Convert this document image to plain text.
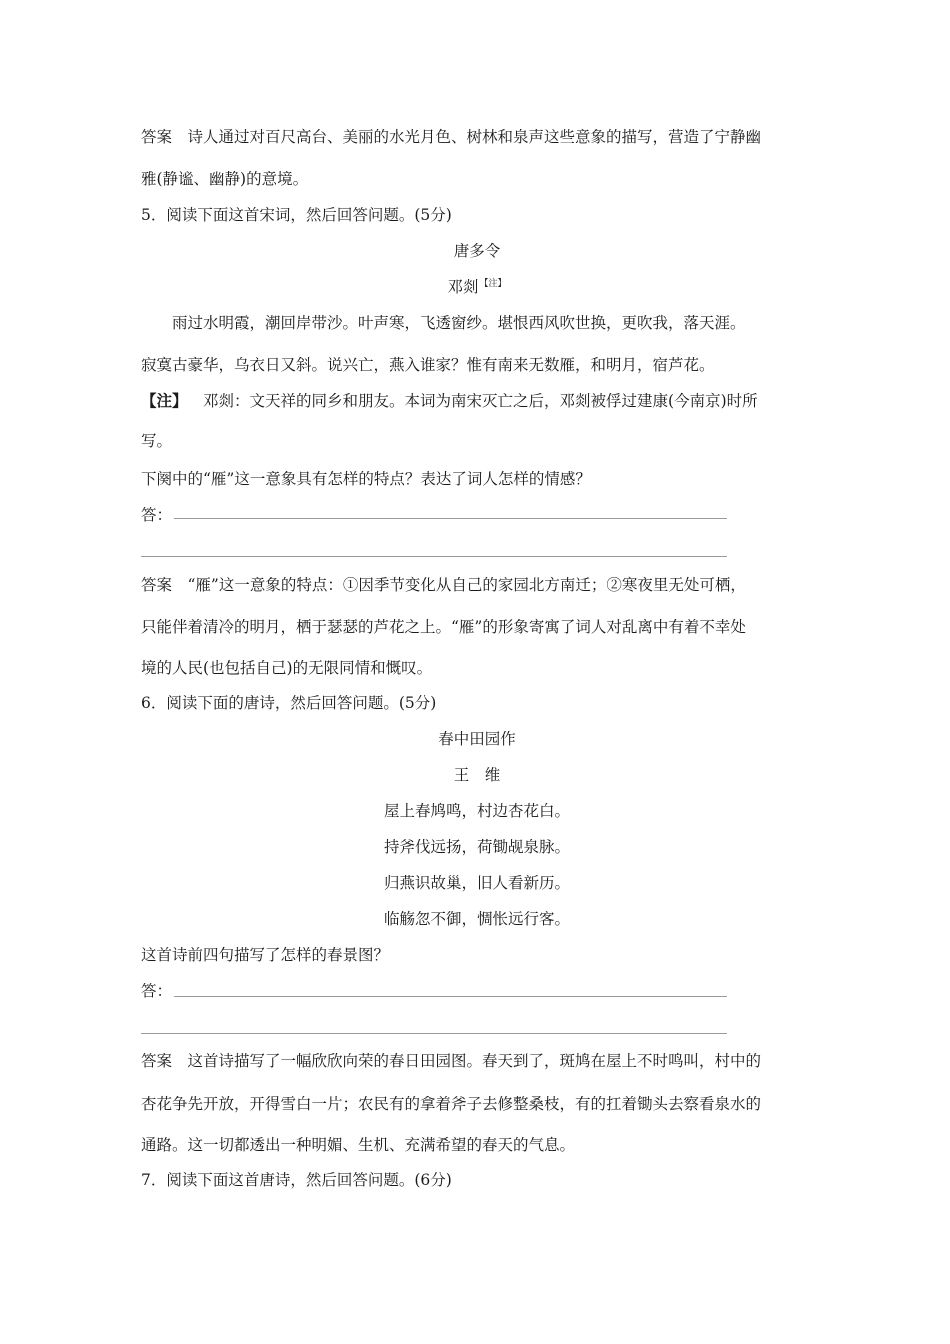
答案　诗人通过对百尺高台、美丽的水光月色、树林和泉声这些意象的描写，营造了宁静幽
雅(静谧、幽静)的意境。
5．阅读下面这首宋词，然后回答问题。(5分)
唐多令
邓剡$^{【注】}$
雨过水明霞，潮回岸带沙。叶声寒，飞透窗纱。堪恨西风吹世换，更吹我，落天涯。
寂寞古豪华，乌衣日又斜。说兴亡，燕入谁家？惟有南来无数雁，和明月，宿芦花。
【注】  邓剡：文天祥的同乡和朋友。本词为南宋灭亡之后，邓剡被俘过建康(今南京)时所
写。
下阕中的“雁”这一意象具有怎样的特点？表达了词人怎样的情感？
答：
答案　“雁”这一意象的特点：①因季节变化从自己的家园北方南迁；②寒夜里无处可栖，
只能伴着清冷的明月，栖于瑟瑟的芦花之上。“雁”的形象寄寓了词人对乱离中有着不幸处
境的人民(也包括自己)的无限同情和慨叹。
6．阅读下面的唐诗，然后回答问题。(5分)
春中田园作
王　维
屋上春鸠鸣，村边杏花白。
持斧伐远扬，荷锄觇泉脉。
归燕识故巢，旧人看新历。
临觞忽不御，惆怅远行客。
这首诗前四句描写了怎样的春景图？
答：
答案　这首诗描写了一幅欣欣向荣的春日田园图。春天到了，斑鸠在屋上不时鸣叫，村中的
杏花争先开放，开得雪白一片；农民有的拿着斧子去修整桑枝，有的扛着锄头去察看泉水的
通路。这一切都透出一种明媚、生机、充满希望的春天的气息。
7．阅读下面这首唐诗，然后回答问题。(6分)
